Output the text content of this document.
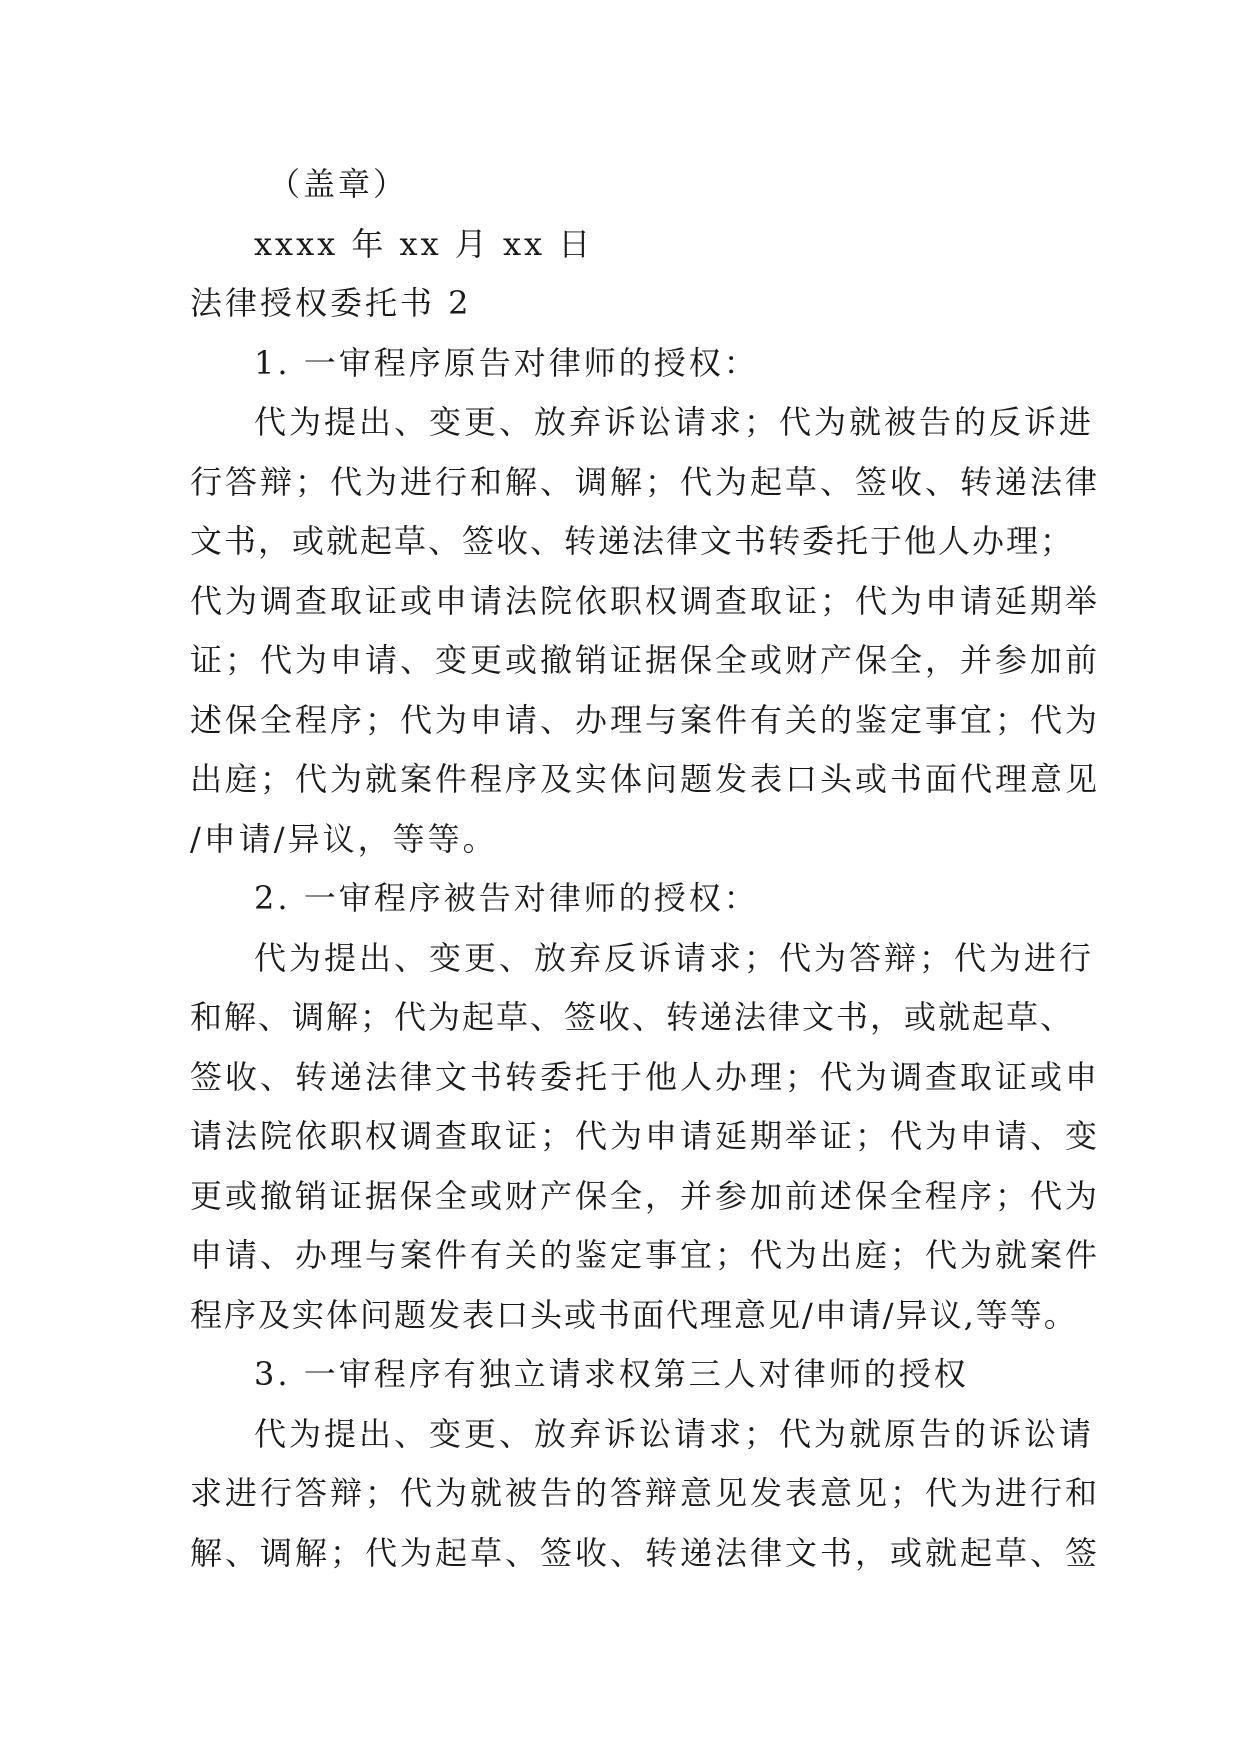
（盖章）

xxxx 年 xx 月 xx 日

法律授权委托书 2

1. 一审程序原告对律师的授权：

代为提出、变更、放弃诉讼请求；代为就被告的反诉进

行答辩；代为进行和解、调解；代为起草、签收、转递法律

文书，或就起草、签收、转递法律文书转委托于他人办理；

代为调查取证或申请法院依职权调查取证；代为申请延期举

证；代为申请、变更或撤销证据保全或财产保全，并参加前

述保全程序；代为申请、办理与案件有关的鉴定事宜；代为

出庭；代为就案件程序及实体问题发表口头或书面代理意见

/申请/异议，等等。

2. 一审程序被告对律师的授权：

代为提出、变更、放弃反诉请求；代为答辩；代为进行

和解、调解；代为起草、签收、转递法律文书，或就起草、

签收、转递法律文书转委托于他人办理；代为调查取证或申

请法院依职权调查取证；代为申请延期举证；代为申请、变

更或撤销证据保全或财产保全，并参加前述保全程序；代为

申请、办理与案件有关的鉴定事宜；代为出庭；代为就案件

程序及实体问题发表口头或书面代理意见/申请/异议,等等。

3. 一审程序有独立请求权第三人对律师的授权

代为提出、变更、放弃诉讼请求；代为就原告的诉讼请

求进行答辩；代为就被告的答辩意见发表意见；代为进行和

解、调解；代为起草、签收、转递法律文书，或就起草、签
